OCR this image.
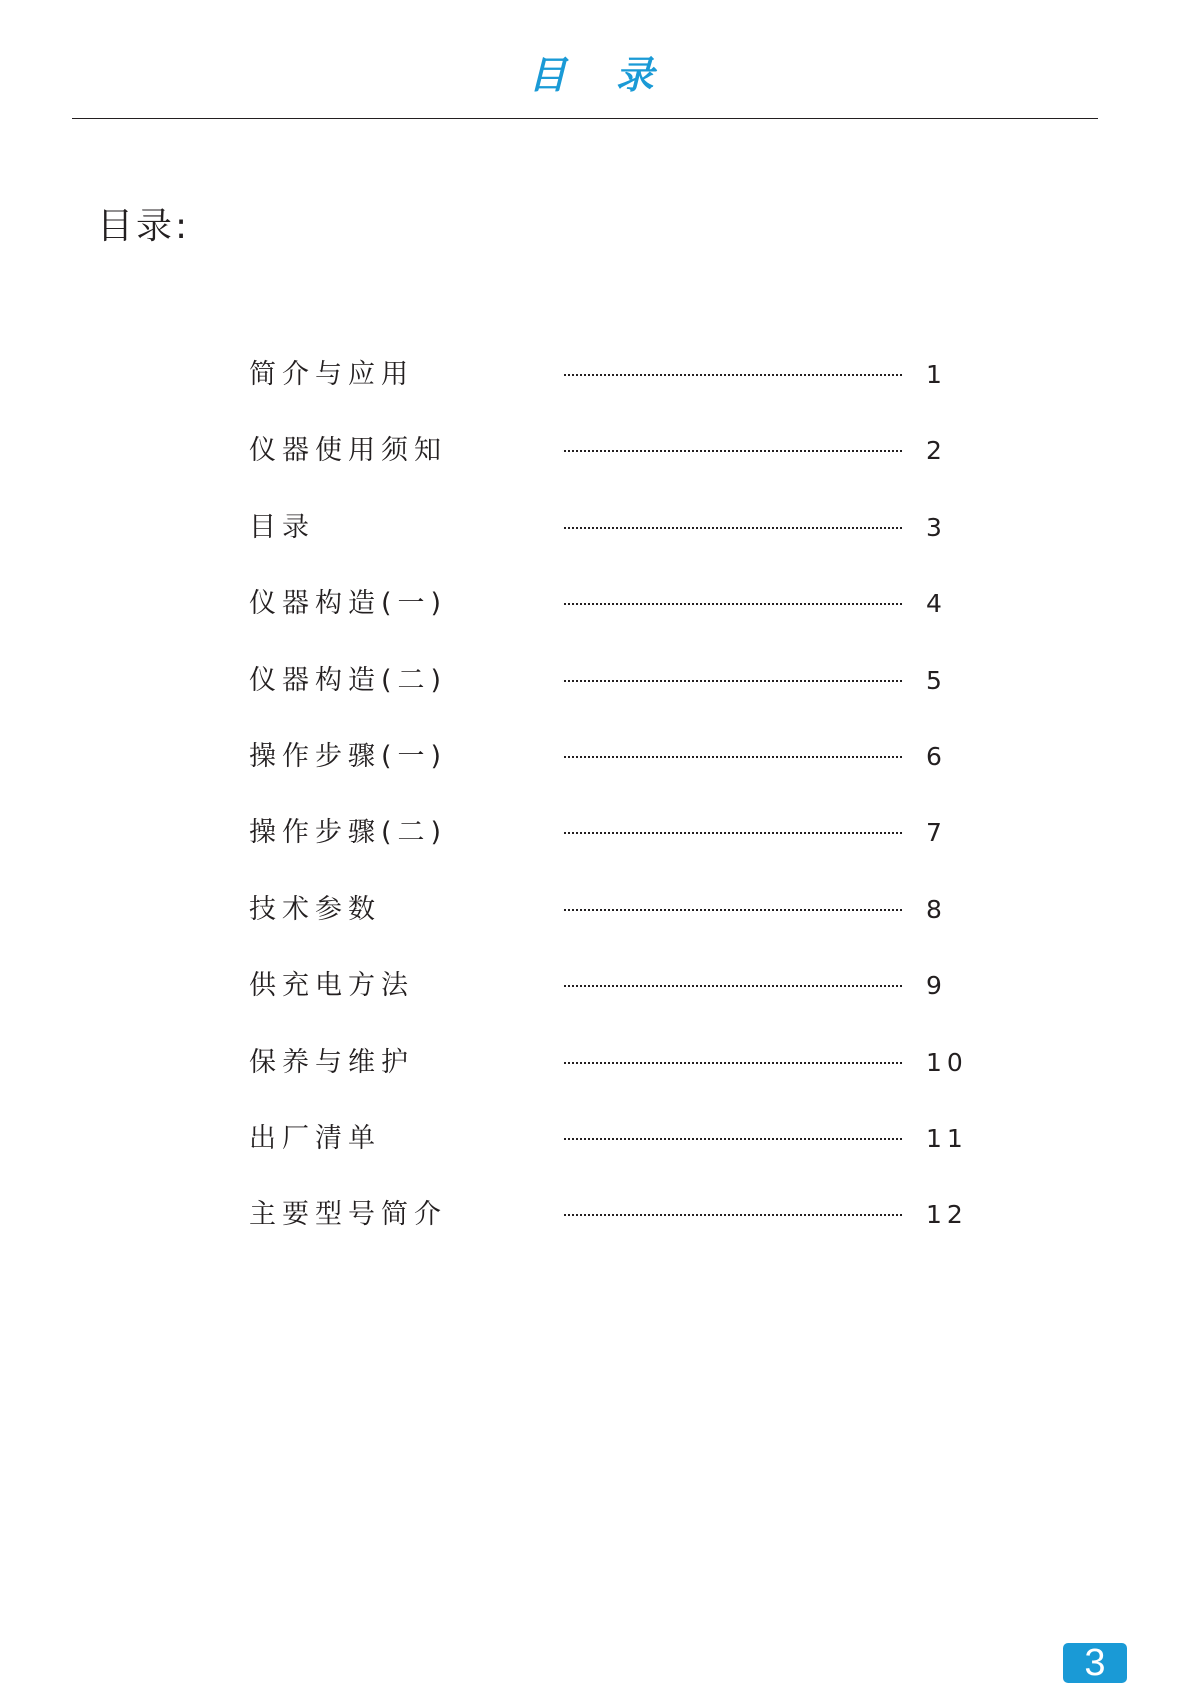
目 录
目录:
简介与应用	1
仪器使用须知	2
目录	3
仪器构造(一)	4
仪器构造(二)	5
操作步骤(一)	6
操作步骤(二)	7
技术参数	8
供充电方法	9
保养与维护	10
出厂清单	11
主要型号简介	12
3
